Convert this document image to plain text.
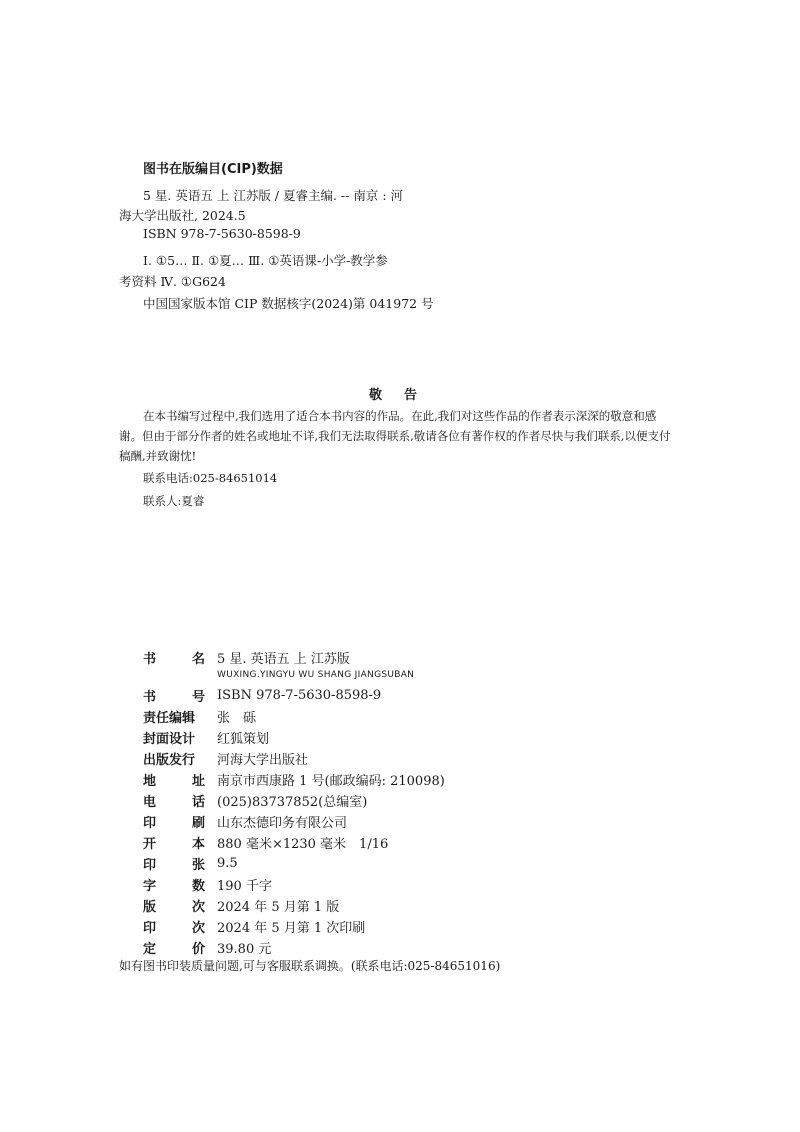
图书在版编目(CIP)数据
5 星. 英语五 上 江苏版 / 夏睿主编. -- 南京 : 河
海大学出版社, 2024.5
ISBN 978-7-5630-8598-9
Ⅰ. ①5… Ⅱ. ①夏… Ⅲ. ①英语课-小学-教学参
考资料 Ⅳ. ①G624
中国国家版本馆 CIP 数据核字(2024)第 041972 号
敬告
在本书编写过程中,我们选用了适合本书内容的作品。在此,我们对这些作品的作者表示深深的敬意和感谢。但由于部分作者的姓名或地址不详,我们无法取得联系,敬请各位有著作权的作者尽快与我们联系,以便支付稿酬,并致谢忱!
联系电话:025-84651014
联系人:夏睿
书	名 5 星. 英语五 上 江苏版
WUXING.YINGYU WU SHANG JIANGSUBAN
书	号 ISBN 978-7-5630-8598-9
责任编辑	张　砾
封面设计	红狐策划
出版发行	河海大学出版社
地	址 南京市西康路 1 号(邮政编码: 210098)
电	话 (025)83737852(总编室)
印	刷 山东杰德印务有限公司
开	本 880 毫米×1230 毫米　1/16
印	张 9.5
字	数 190 千字
版	次 2024 年 5 月第 1 版
印	次 2024 年 5 月第 1 次印刷
定	价 39.80 元
如有图书印装质量问题,可与客服联系调换。(联系电话:025-84651016)
